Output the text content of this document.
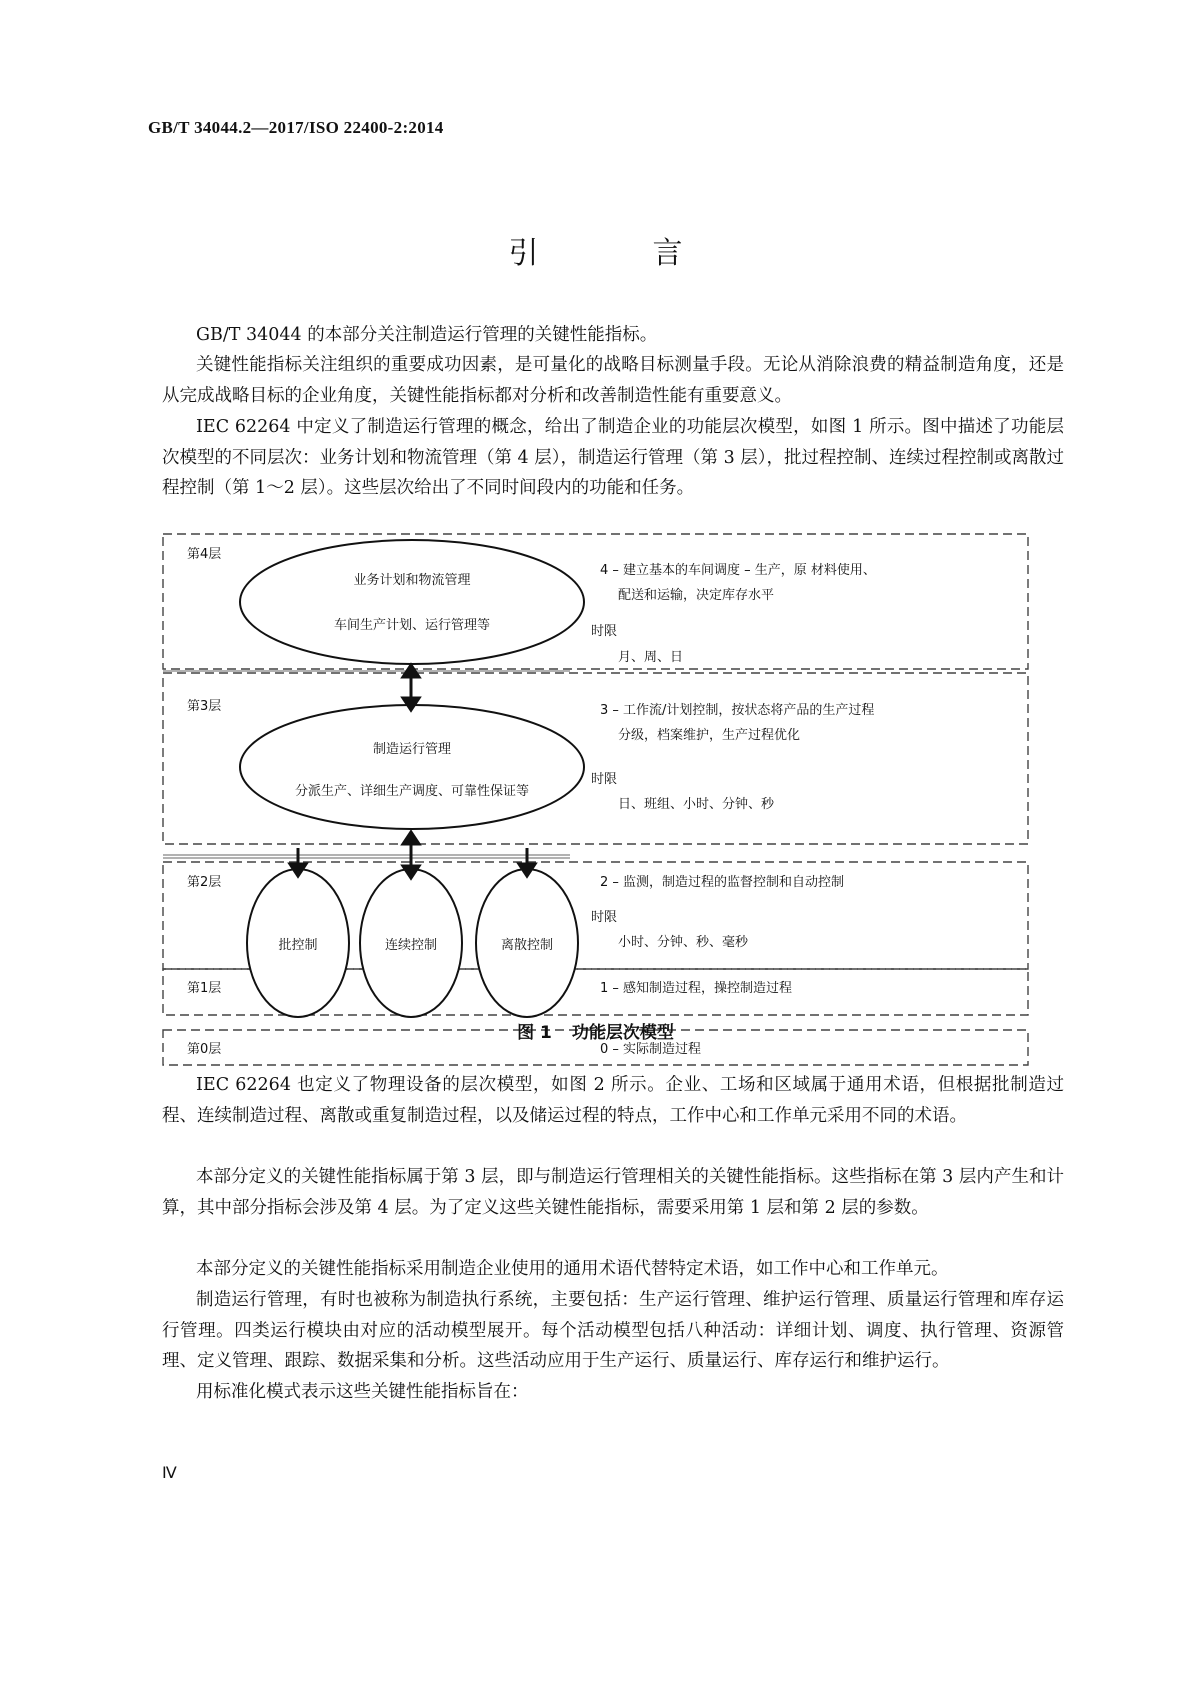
GB/T 34044.2—2017/ISO 22400-2:2014
引　言

GB/T 34044 的本部分关注制造运行管理的关键性能指标。

关键性能指标关注组织的重要成功因素，是可量化的战略目标测量手段。无论从消除浪费的精益制造角度，还是从完成战略目标的企业角度，关键性能指标都对分析和改善制造性能有重要意义。

IEC 62264 中定义了制造运行管理的概念，给出了制造企业的功能层次模型，如图 1 所示。图中描述了功能层次模型的不同层次：业务计划和物流管理（第 4 层），制造运行管理（第 3 层），批过程控制、连续过程控制或离散过程控制（第 1～2 层）。这些层次给出了不同时间段内的功能和任务。

第4层
第3层
第2层
第1层
第0层
业务计划和物流管理
车间生产计划、运行管理等
制造运行管理
分派生产、详细生产调度、可靠性保证等
批控制	连续控制	离散控制
4 – 建立基本的车间调度 – 生产，原 材料使用、
配送和运输，决定库存水平
时限
月、周、日
3 – 工作流/计划控制，按状态将产品的生产过程
分级，档案维护，生产过程优化
时限
日、班组、小时、分钟、秒
2 – 监测，制造过程的监督控制和自动控制
时限
小时、分钟、秒、毫秒
1 – 感知制造过程，操控制造过程
0 – 实际制造过程
图 1 功能层次模型

IEC 62264 也定义了物理设备的层次模型，如图 2 所示。企业、工场和区域属于通用术语，但根据批制造过程、连续制造过程、离散或重复制造过程，以及储运过程的特点，工作中心和工作单元采用不同的术语。

本部分定义的关键性能指标属于第 3 层，即与制造运行管理相关的关键性能指标。这些指标在第 3 层内产生和计算，其中部分指标会涉及第 4 层。为了定义这些关键性能指标，需要采用第 1 层和第 2 层的参数。

本部分定义的关键性能指标采用制造企业使用的通用术语代替特定术语，如工作中心和工作单元。

制造运行管理，有时也被称为制造执行系统，主要包括：生产运行管理、维护运行管理、质量运行管理和库存运行管理。四类运行模块由对应的活动模型展开。每个活动模型包括八种活动：详细计划、调度、执行管理、资源管理、定义管理、跟踪、数据采集和分析。这些活动应用于生产运行、质量运行、库存运行和维护运行。

用标准化模式表示这些关键性能指标旨在：

Ⅳ
